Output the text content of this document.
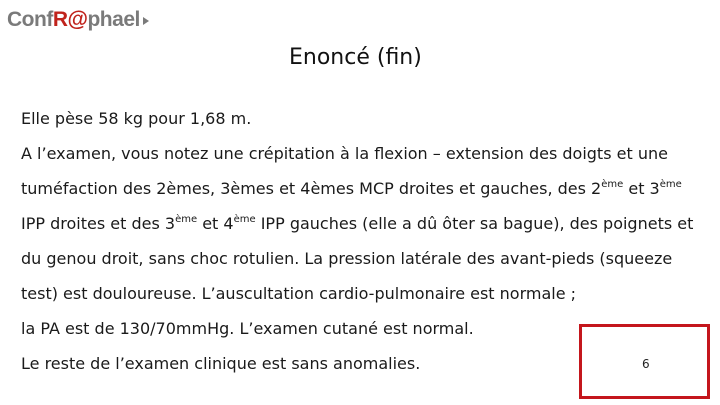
ConfR@phael
Enoncé (fin)
Elle pèse 58 kg pour 1,68 m.
A l’examen, vous notez une crépitation à la flexion – extension des doigts et une
tuméfaction des 2èmes, 3èmes et 4èmes MCP droites et gauches, des 2ème et 3ème
IPP droites et des 3ème et 4ème IPP gauches (elle a dû ôter sa bague), des poignets et
du genou droit, sans choc rotulien. La pression latérale des avant-pieds (squeeze
test) est douloureuse. L’auscultation cardio-pulmonaire est normale ;
la PA est de 130/70mmHg. L’examen cutané est normal.
Le reste de l’examen clinique est sans anomalies.	6
